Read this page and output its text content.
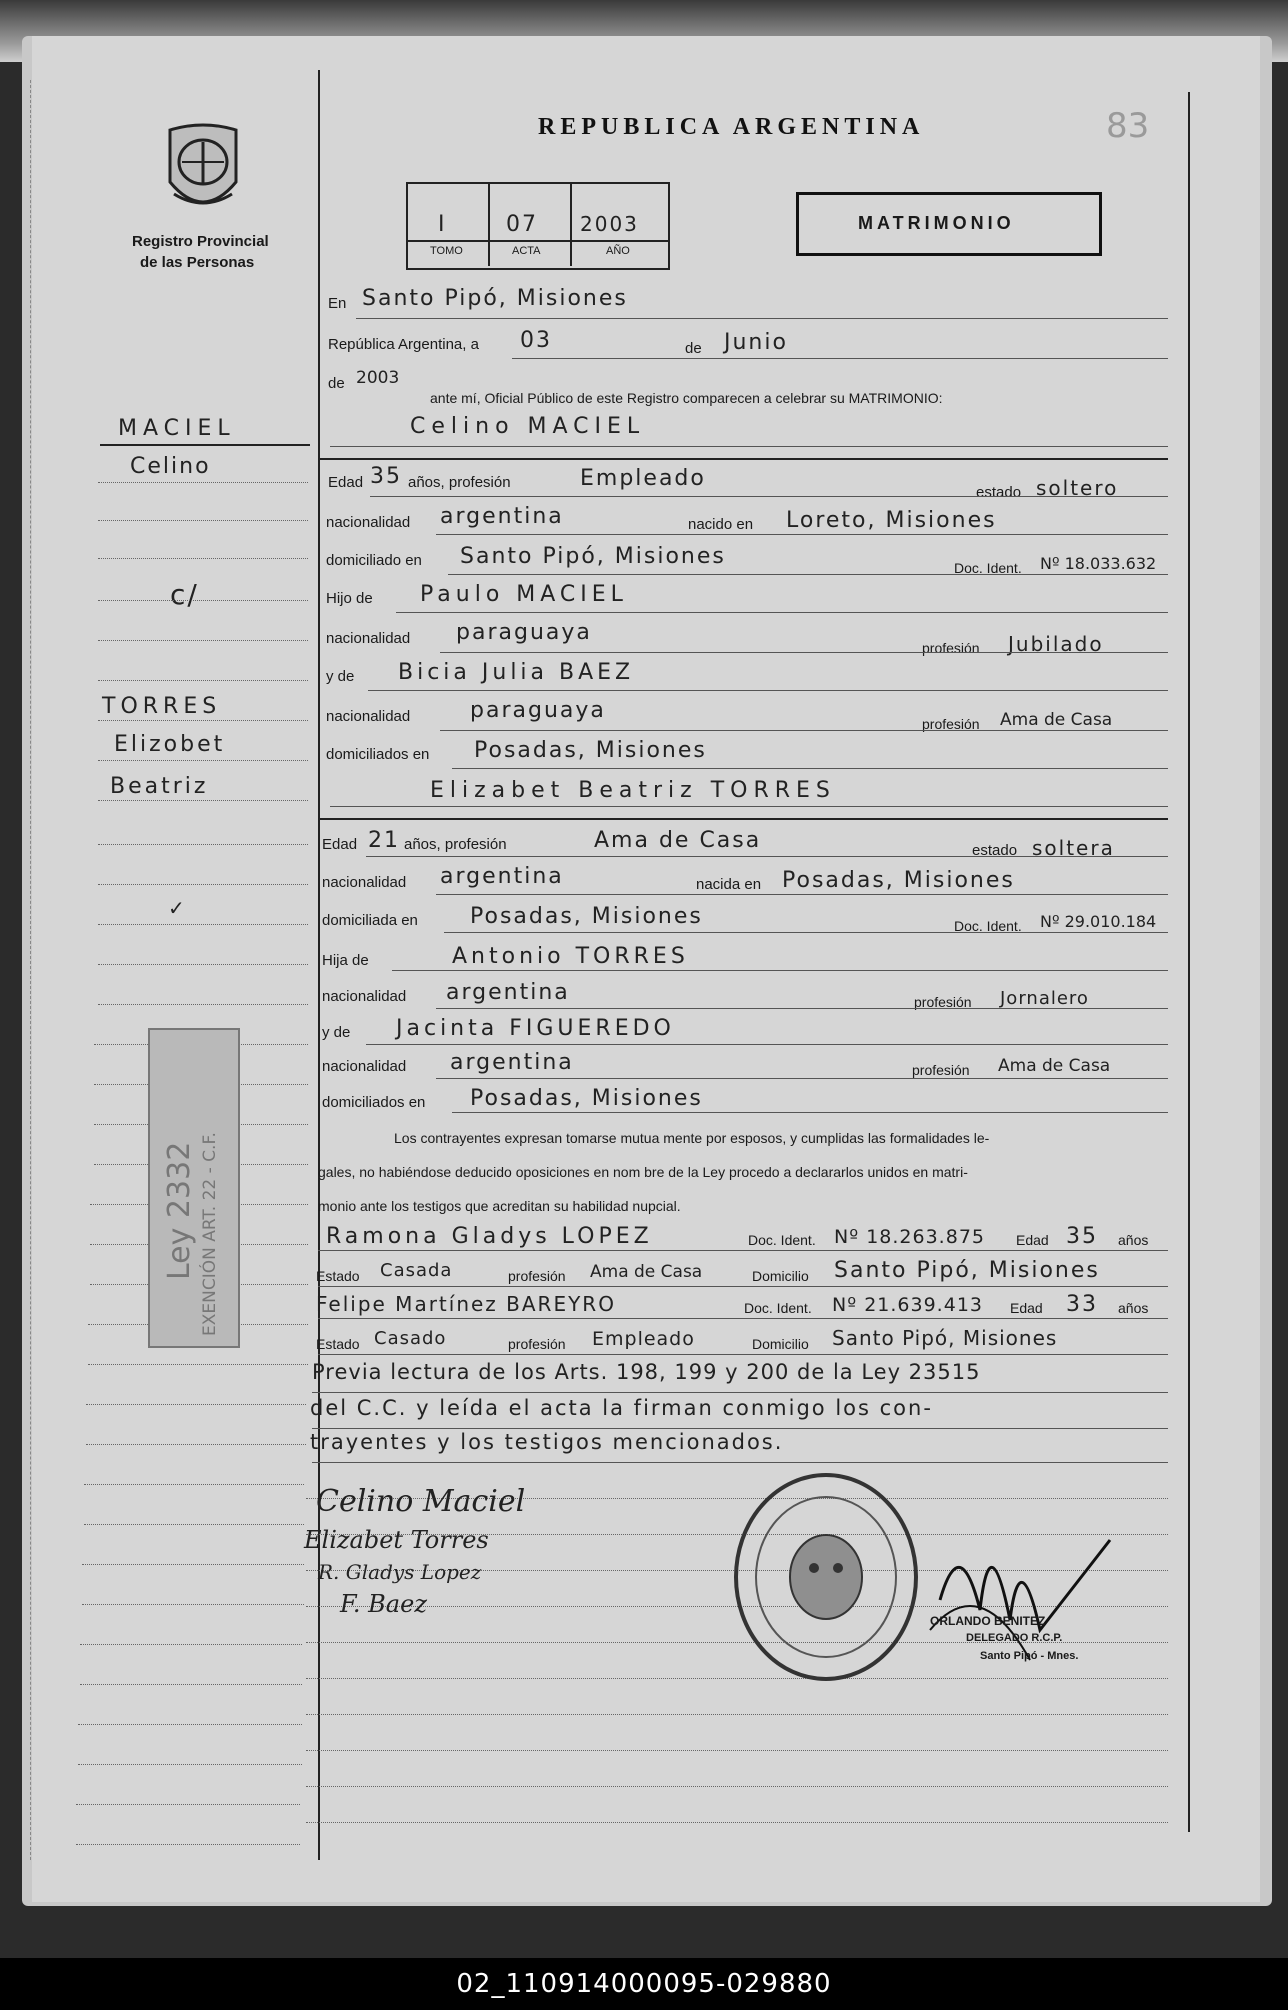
Registro Provincial
de las Personas
REPUBLICA ARGENTINA	83
I	07 2003
TOMO	ACTA	AÑO
MATRIMONIO
En Santo Pipó, Misiones
República Argentina, a 03	de Junio
de 2003
ante mí, Oficial Público de este Registro comparecen a celebrar su MATRIMONIO:
Celino MACIEL
Edad 35 años, profesión	Empleado
estado soltero
nacionalidad argentina	nacido en Loreto, Misiones
domiciliado en Santo Pipó, Misiones	Doc. Ident. Nº 18.033.632
Hijo de Paulo MACIEL
nacionalidad paraguaya
profesión Jubilado
y de Bicia Julia BAEZ
nacionalidad	paraguaya
profesión Ama de Casa
domiciliados en Posadas, Misiones
Elizabet Beatriz TORRES
Edad 21 años, profesión	Ama de Casa	estado soltera
nacionalidad argentina	nacida en Posadas, Misiones
domiciliada en Posadas, Misiones	Doc. Ident. Nº 29.010.184
Hija de	Antonio TORRES
nacionalidad argentina	profesión Jornalero
y de Jacinta FIGUEREDO
nacionalidad argentina	profesión Ama de Casa
domiciliados en Posadas, Misiones
Los contrayentes expresan tomarse mutua mente por esposos, y cumplidas las formalidades le-
gales, no habiéndose deducido oposiciones en nom bre de la Ley procedo a declararlos unidos en matri-
monio ante los testigos que acreditan su habilidad nupcial.
Ramona Gladys LOPEZ	Doc. Ident. Nº 18.263.875 Edad 35 años
Estado Casada	profesión Ama de Casa	Domicilio Santo Pipó, Misiones
Felipe Martínez BAREYRO	Doc. Ident. Nº 21.639.413 Edad 33 años
Estado Casado	profesión Empleado	Domicilio Santo Pipó, Misiones
Previa lectura de los Arts. 198, 199 y 200 de la Ley 23515
del C.C. y leída el acta la firman conmigo los con-
trayentes y los testigos mencionados.
Celino Maciel
Elizabet Torres
R. Gladys Lopez
F. Baez
ORLANDO BENITEZ
DELEGADO R.C.P.
Santo Pipó - Mnes.
MACIEL
Celino
c/
TORRES
Elizobet
Beatriz
✓
Ley 2332 EXENCIÓN ART. 22 - C.F.
02_110914000095-029880
